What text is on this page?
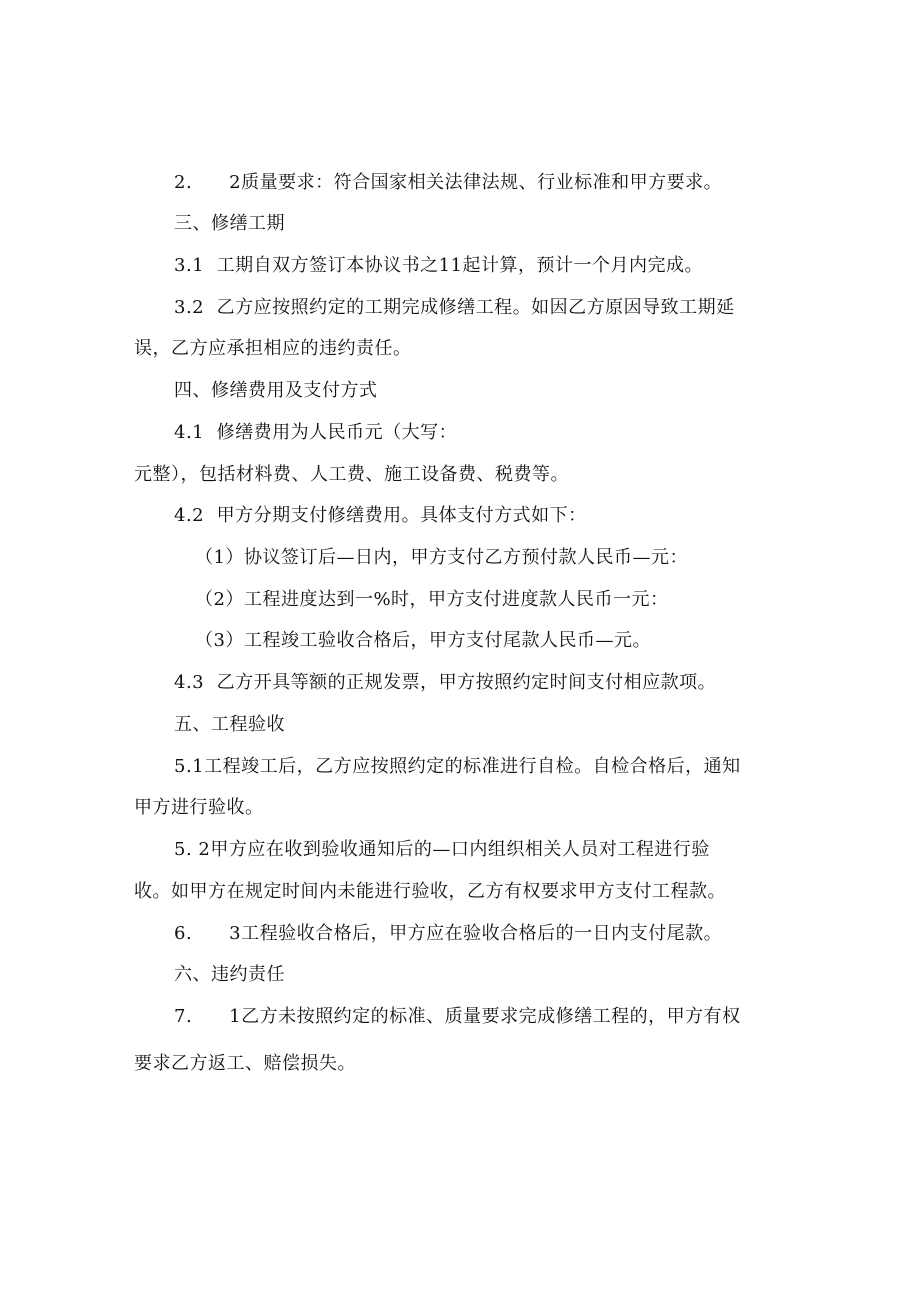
2.　　2质量要求：符合国家相关法律法规、行业标准和甲方要求。
三、修缮工期
3.1  工期自双方签订本协议书之11起计算，预计一个月内完成。
3.2  乙方应按照约定的工期完成修缮工程。如因乙方原因导致工期延
误，乙方应承担相应的违约责任。
四、修缮费用及支付方式
4.1  修缮费用为人民币元（大写：
元整），包括材料费、人工费、施工设备费、税费等。
4.2  甲方分期支付修缮费用。具体支付方式如下：
（1）协议签订后—日内，甲方支付乙方预付款人民币—元：
（2）工程进度达到一%时，甲方支付进度款人民币一元：
（3）工程竣工验收合格后，甲方支付尾款人民币—元。
4.3  乙方开具等额的正规发票，甲方按照约定时间支付相应款项。
五、工程验收
5.1工程竣工后，乙方应按照约定的标准进行自检。自检合格后，通知
甲方进行验收。
5. 2甲方应在收到验收通知后的—口内组织相关人员对工程进行验
收。如甲方在规定时间内未能进行验收，乙方有权要求甲方支付工程款。
6.　　3工程验收合格后，甲方应在验收合格后的一日内支付尾款。
六、违约责任
7.　　1乙方未按照约定的标准、质量要求完成修缮工程的，甲方有权
要求乙方返工、赔偿损失。
